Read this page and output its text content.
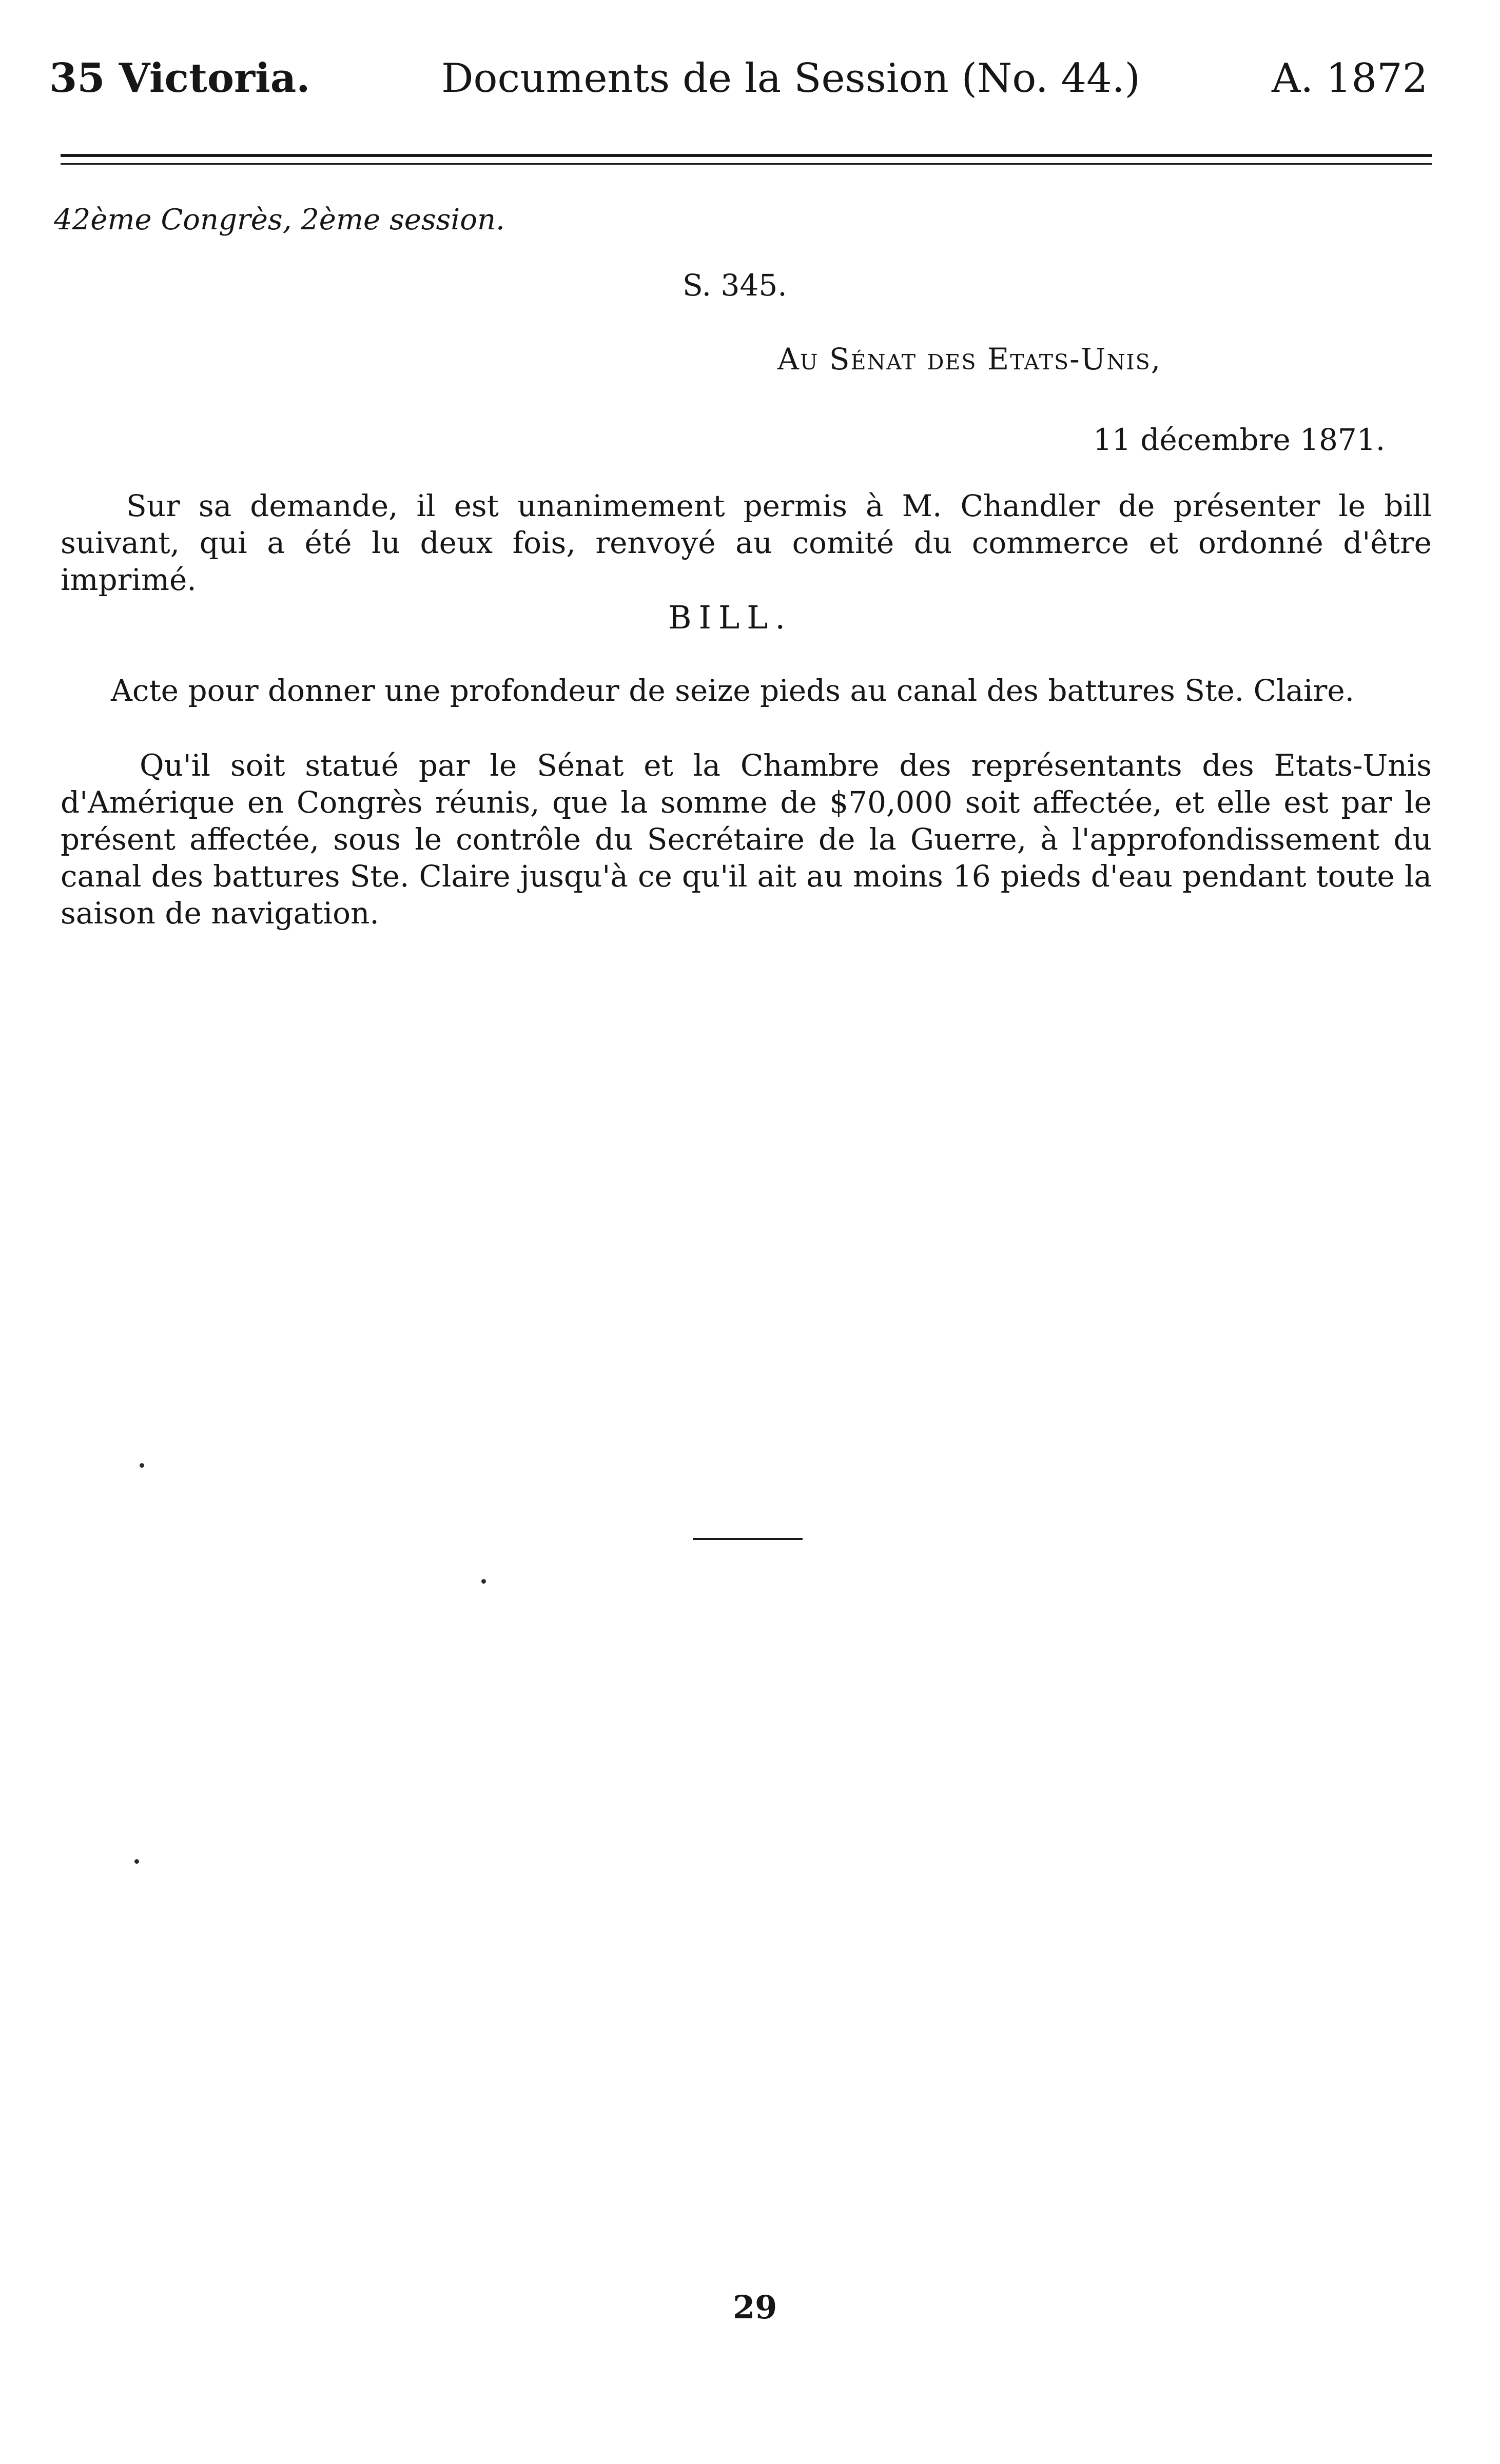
35 Victoria.	Documents de la Session (No. 44.)	A. 1872
42ème Congrès, 2ème session.
S. 345.
Au Sénat des Etats-Unis,
11 décembre 1871.

Sur sa demande, il est unanimement permis à M. Chandler de présenter le bill suivant, qui a été lu deux fois, renvoyé au comité du commerce et ordonné d'être imprimé.

BILL.
Acte pour donner une profondeur de seize pieds au canal des battures Ste. Claire.

Qu'il soit statué par le Sénat et la Chambre des représentants des Etats-Unis d'Amérique en Congrès réunis, que la somme de $70,000 soit affectée, et elle est par le présent affectée, sous le contrôle du Secrétaire de la Guerre, à l'approfondissement du canal des battures Ste. Claire jusqu'à ce qu'il ait au moins 16 pieds d'eau pendant toute la saison de navigation.

29
